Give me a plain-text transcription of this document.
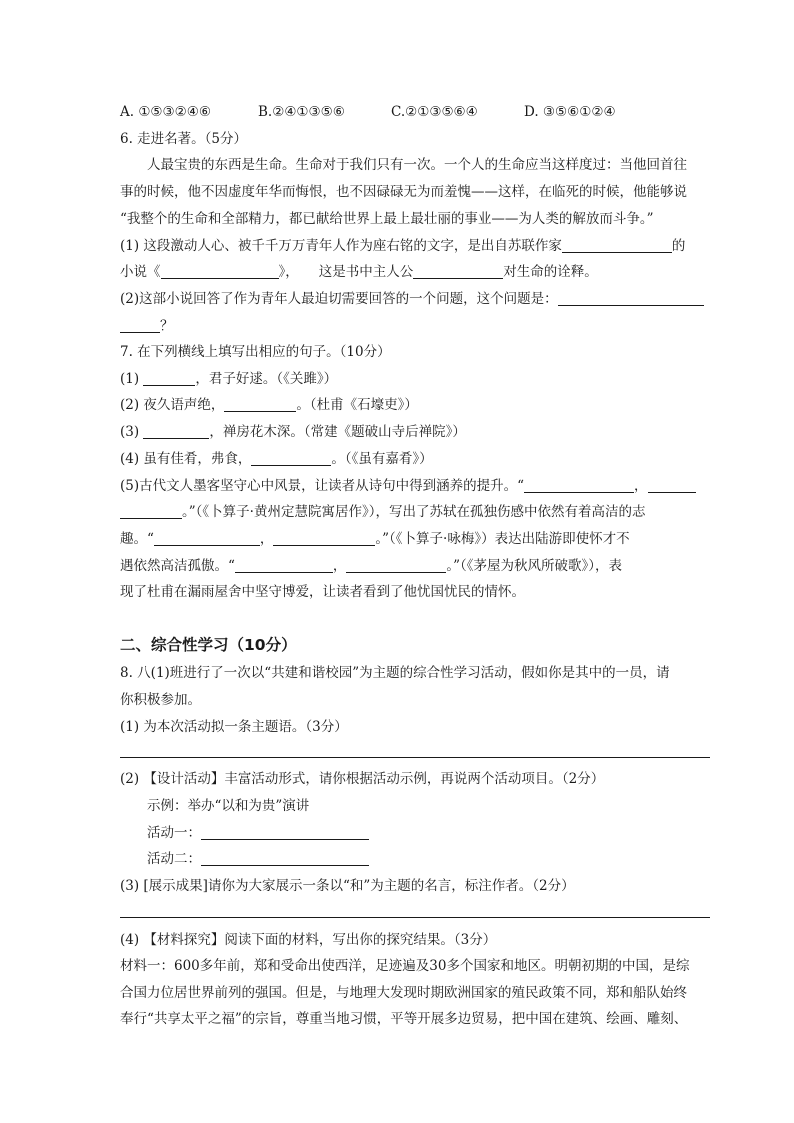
A. ①⑤③②④⑥	B.②④①③⑤⑥	C.②①③⑤⑥④	D. ③⑤⑥①②④
6. 走进名著。（5分）
人最宝贵的东西是生命。生命对于我们只有一次。一个人的生命应当这样度过：当他回首往
事的时候，他不因虚度年华而悔恨，也不因碌碌无为而羞愧——这样，在临死的时候，他能够说
“我整个的生命和全部精力，都已献给世界上最上最壮丽的事业——为人类的解放而斗争。”
(1) 这段激动人心、被千千万万青年人作为座右铭的文字，是出自苏联作家	的
小说《	》， 这是书中主人公	对生命的诠释。
(2)这部小说回答了作为青年人最迫切需要回答的一个问题，这个问题是：
？
7. 在下列横线上填写出相应的句子。（10分）
(1)	，君子好逑。（《关雎》）
(2) 夜久语声绝，	。（杜甫《石壕吏》）
(3)	，禅房花木深。（常建《题破山寺后禅院》）
(4) 虽有佳肴，弗食，	。（《虽有嘉肴》）
(5)古代文人墨客坚守心中风景，让读者从诗句中得到涵养的提升。“	，
。”（《卜算子·黄州定慧院寓居作》），写出了苏轼在孤独伤感中依然有着高洁的志
趣。“	，	。”（《卜算子·咏梅》）表达出陆游即使怀才不
遇依然高洁孤傲。“	，	。”（《茅屋为秋风所破歌》），表
现了杜甫在漏雨屋舍中坚守博爱，让读者看到了他忧国忧民的情怀。
二、综合性学习（10分）
8. 八(1)班进行了一次以“共建和谐校园”为主题的综合性学习活动，假如你是其中的一员，请
你积极参加。
(1) 为本次活动拟一条主题语。（3分）
(2) 【设计活动】丰富活动形式，请你根据活动示例，再说两个活动项目。（2分）
示例：举办“以和为贵”演讲
活动一：
活动二：
(3) [展示成果]请你为大家展示一条以“和”为主题的名言，标注作者。（2分）
(4) 【材料探究】阅读下面的材料，写出你的探究结果。（3分）
材料一：600多年前，郑和受命出使西洋，足迹遍及30多个国家和地区。明朝初期的中国，是综
合国力位居世界前列的强国。但是，与地理大发现时期欧洲国家的殖民政策不同，郑和船队始终
奉行“共享太平之福”的宗旨，尊重当地习惯，平等开展多边贸易，把中国在建筑、绘画、雕刻、
